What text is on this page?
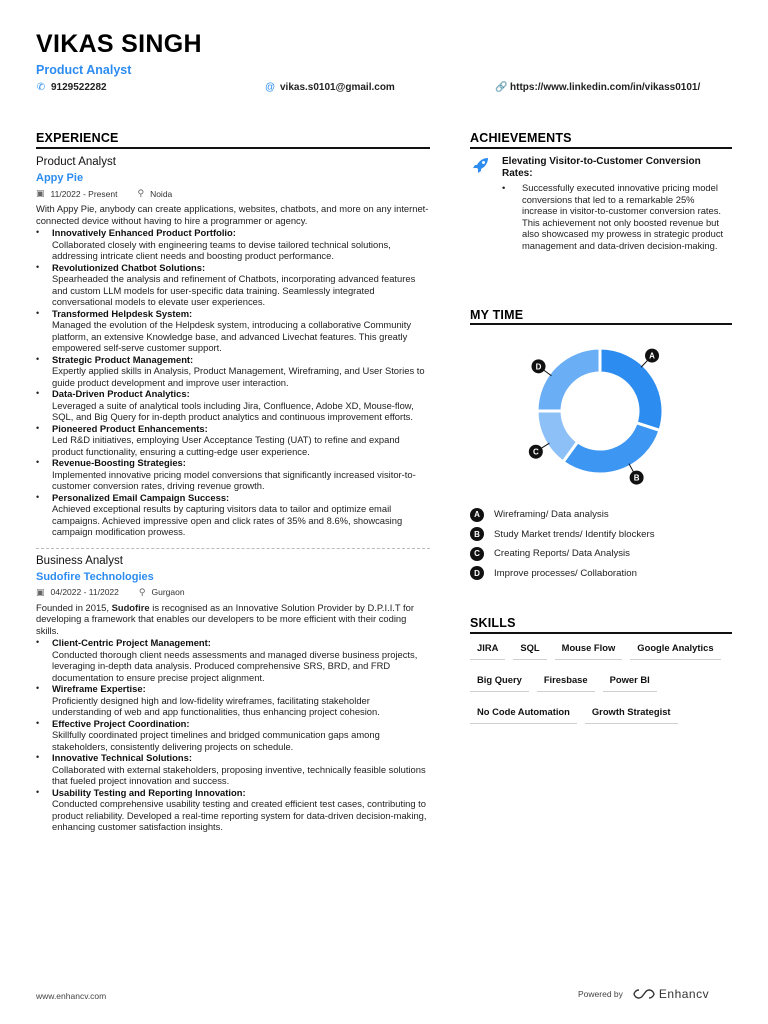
VIKAS SINGH
Product Analyst
✆ 9129522282	@ vikas.s0101@gmail.com	🔗 https://www.linkedin.com/in/vikass0101/
EXPERIENCE	ACHIEVEMENTS
MY TIME
SKILLS
Product Analyst
Appy Pie
▣ 11/2022 - Present ⚲ Noida
With Appy Pie, anybody can create applications, websites, chatbots, and more on any internet-connected device without having to hire a programmer or agency.
• Innovatively Enhanced Product Portfolio:
Collaborated closely with engineering teams to devise tailored technical solutions, addressing intricate client needs and boosting product performance.
• Revolutionized Chatbot Solutions:
Spearheaded the analysis and refinement of Chatbots, incorporating advanced features and custom LLM models for user-specific data training. Seamlessly integrated conversational models to elevate user experiences.
• Transformed Helpdesk System:
Managed the evolution of the Helpdesk system, introducing a collaborative Community platform, an extensive Knowledge base, and advanced Livechat features. This greatly empowered self-serve customer support.
• Strategic Product Management:
Expertly applied skills in Analysis, Product Management, Wireframing, and User Stories to guide product development and improve user interaction.
• Data-Driven Product Analytics:
Leveraged a suite of analytical tools including Jira, Confluence, Adobe XD, Mouse-flow, SQL, and Big Query for in-depth product analytics and continuous improvement efforts.
• Pioneered Product Enhancements:
Led R&D initiatives, employing User Acceptance Testing (UAT) to refine and expand product functionality, ensuring a cutting-edge user experience.
• Revenue-Boosting Strategies:
Implemented innovative pricing model conversions that significantly increased visitor-to-customer conversion rates, driving revenue growth.
• Personalized Email Campaign Success:
Achieved exceptional results by capturing visitors data to tailor and optimize email campaigns. Achieved impressive open and click rates of 35% and 8.6%, showcasing campaign modification prowess.
Business Analyst
Sudofire Technologies
▣ 04/2022 - 11/2022 ⚲ Gurgaon
Founded in 2015, Sudofire is recognised as an Innovative Solution Provider by D.P.I.I.T for developing a framework that enables our developers to be more efficient with their coding skills.
• Client-Centric Project Management:
Conducted thorough client needs assessments and managed diverse business projects, leveraging in-depth data analysis. Produced comprehensive SRS, BRD, and FRD documentation to ensure precise project alignment.
• Wireframe Expertise:
Proficiently designed high and low-fidelity wireframes, facilitating stakeholder understanding of web and app functionalities, thus enhancing project cohesion.
• Effective Project Coordination:
Skillfully coordinated project timelines and bridged communication gaps among stakeholders, consistently delivering projects on schedule.
• Innovative Technical Solutions:
Collaborated with external stakeholders, proposing inventive, technically feasible solutions that fueled project innovation and success.
• Usability Testing and Reporting Innovation:
Conducted comprehensive usability testing and created efficient test cases, contributing to product reliability. Developed a real-time reporting system for data-driven decision-making, enhancing customer satisfaction insights.
Elevating Visitor-to-Customer Conversion Rates:
• Successfully executed innovative pricing model conversions that led to a remarkable 25% increase in visitor-to-customer conversion rates. This achievement not only boosted revenue but also showcased my prowess in strategic product management and data-driven decision-making.
A
B
C
D
A	Wireframing/ Data analysis
B	Study Market trends/ Identify blockers
C	Creating Reports/ Data Analysis
D	Improve processes/ Collaboration
JIRA	SQL	Mouse Flow	Google Analytics
Big Query	Firesbase	Power BI
No Code Automation	Growth Strategist
www.enhancv.com	Powered by	Enhancv
